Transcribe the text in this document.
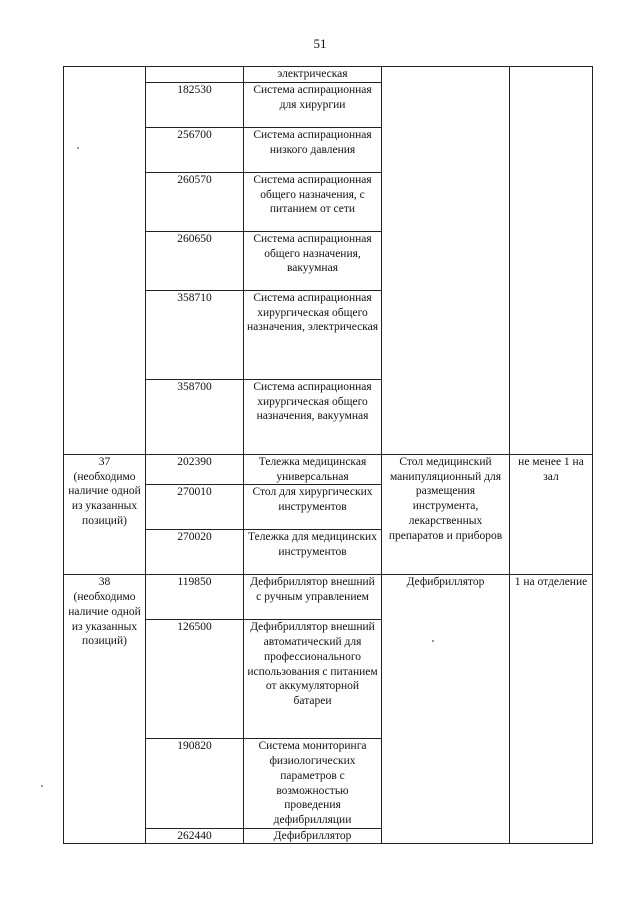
51
		электрическая		
	182530	Система аспирационная для хирургии		
	256700	Система аспирационная низкого давления		
	260570	Система аспирационная общего назначения, с питанием от сети		
	260650	Система аспирационная общего назначения, вакуумная		
	358710	Система аспирационная хирургическая общего назначения, электрическая		
	358700	Система аспирационная хирургическая общего назначения, вакуумная		
37 (необходимо наличие одной из указанных позиций)	202390	Тележка медицинская универсальная	Стол медицинский манипуляционный для размещения инструмента, лекарственных препаратов и приборов	не менее 1 на зал
	270010	Стол для хирургических инструментов		
	270020	Тележка для медицинских инструментов		
38 (необходимо наличие одной из указанных позиций)	119850	Дефибриллятор внешний с ручным управлением	Дефибриллятор	1 на отделение
	126500	Дефибриллятор внешний автоматический для профессионального использования с питанием от аккумуляторной батареи		
	190820	Система мониторинга физиологических параметров с возможностью проведения дефибрилляции		
	262440	Дефибриллятор		
